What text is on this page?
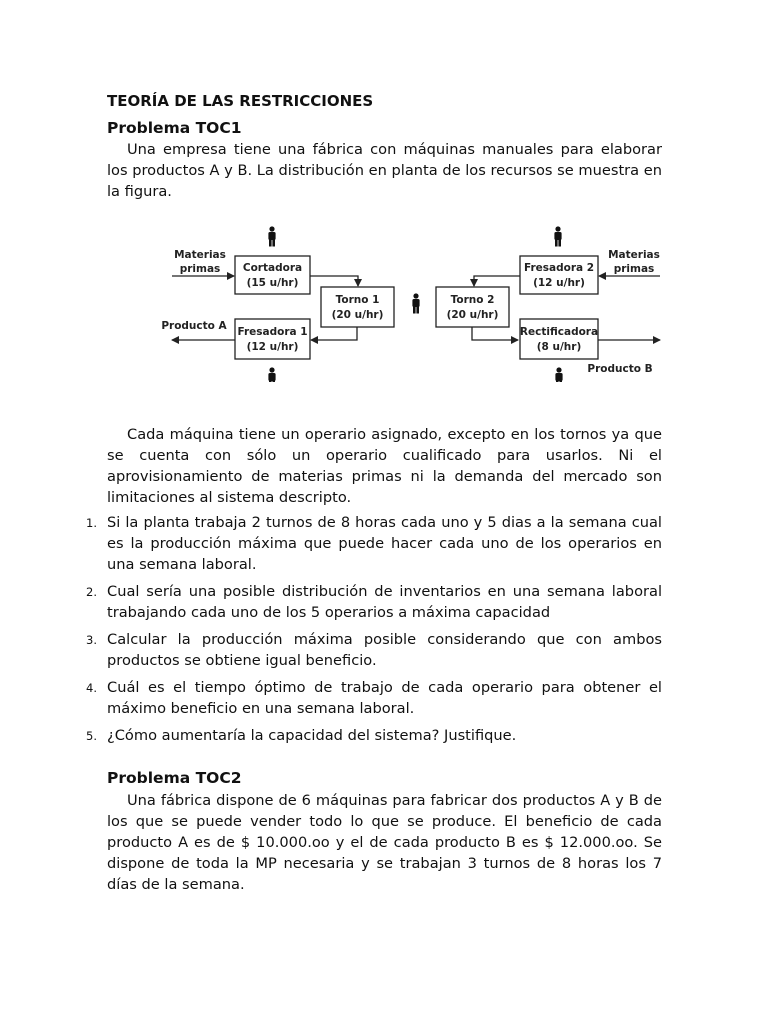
TEORÍA DE LAS RESTRICCIONES
Problema TOC1

Una empresa tiene una fábrica con máquinas manuales para elaborar los productos A y B. La distribución en planta de los recursos se muestra en la figura.

Materias
primas Cortadora
(15 u/hr)
Torno 1
(20 u/hr)
Fresadora 1
(12 u/hr)
Producto A
Torno 2
(20 u/hr)
Fresadora 2
(12 u/hr)
Materias
primas
Rectificadora
(8 u/hr)
Producto B

Cada máquina tiene un operario asignado, excepto en los tornos ya que se cuenta con sólo un operario cualificado para usarlos. Ni el aprovisionamiento de materias primas ni la demanda del mercado son limitaciones al sistema descripto.

1. Si la planta trabaja 2 turnos de 8 horas cada uno y 5 dias a la semana cual es la producción máxima que puede hacer cada uno de los operarios en una semana laboral.
2. Cual sería una posible distribución de inventarios en una semana laboral trabajando cada uno de los 5 operarios a máxima capacidad
3. Calcular la producción máxima posible considerando que con ambos productos se obtiene igual beneficio.
4. Cuál es el tiempo óptimo de trabajo de cada operario para obtener el máximo beneficio en una semana laboral.
5. ¿Cómo aumentaría la capacidad del sistema? Justifique.
Problema TOC2

Una fábrica dispone de 6 máquinas para fabricar dos productos A y B de los que se puede vender todo lo que se produce. El beneficio de cada producto A es de $ 10.000.oo y el de cada producto B es $ 12.000.oo. Se dispone de toda la MP necesaria y se trabajan 3 turnos de 8 horas los 7 días de la semana.
